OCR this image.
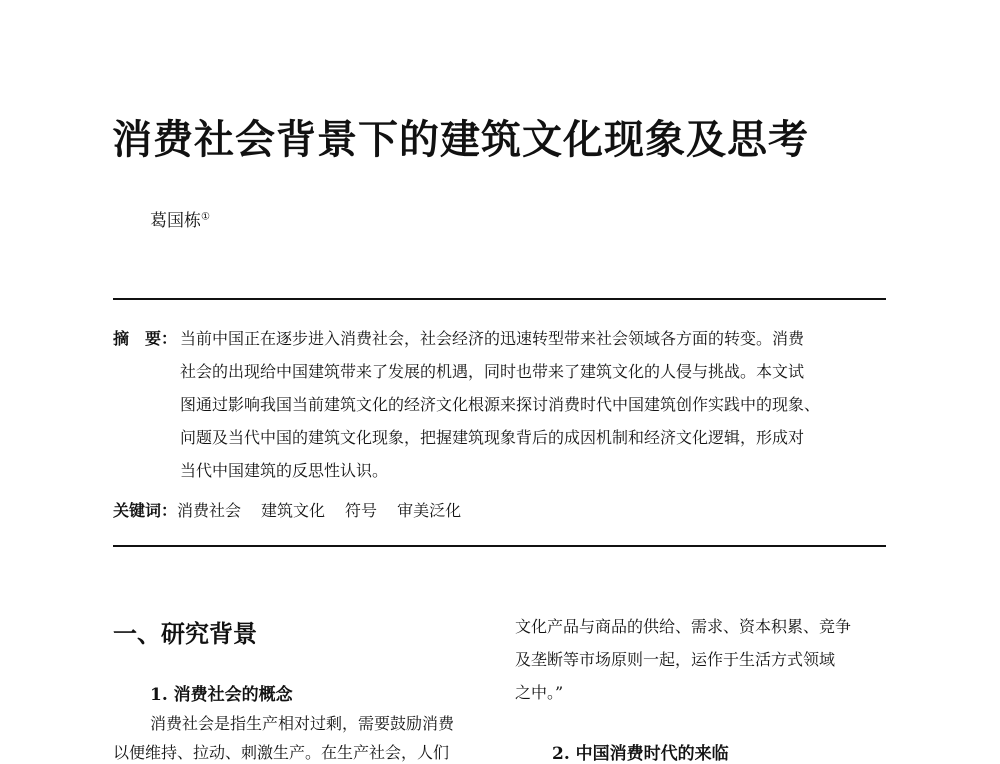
消费社会背景下的建筑文化现象及思考
葛国栋①
摘　要： 当前中国正在逐步进入消费社会，社会经济的迅速转型带来社会领域各方面的转变。消费
社会的出现给中国建筑带来了发展的机遇，同时也带来了建筑文化的人侵与挑战。本文试
图通过影响我国当前建筑文化的经济文化根源来探讨消费时代中国建筑创作实践中的现象、
问题及当代中国的建筑文化现象，把握建筑现象背后的成因机制和经济文化逻辑，形成对
当代中国建筑的反思性认识。
关键词：消费社会 建筑文化 符号 审美泛化
一、研究背景
1. 消费社会的概念
消费社会是指生产相对过剩，需要鼓励消费
以便维持、拉动、刺激生产。在生产社会，人们
文化产品与商品的供给、需求、资本积累、竞争
及垄断等市场原则一起，运作于生活方式领域
之中。”
2. 中国消费时代的来临
